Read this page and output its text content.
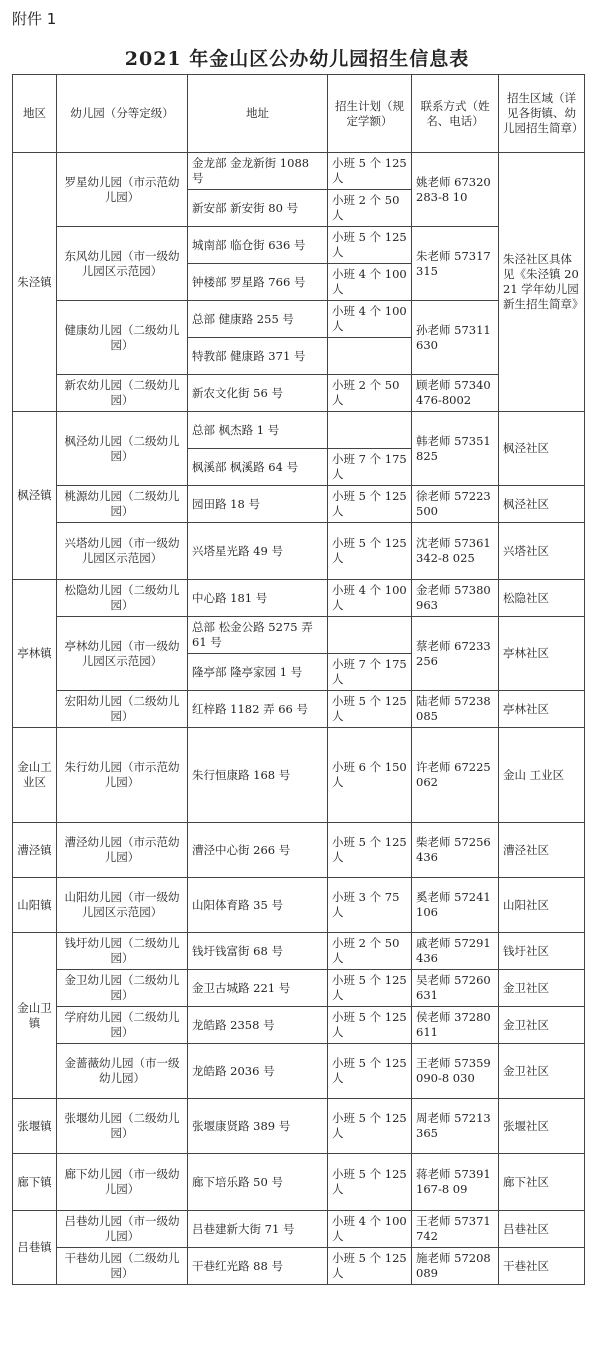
附件 1
2021 年金山区公办幼儿园招生信息表
地区	幼儿园（分等定级）	地址	招生计划（规定学额）	联系方式（姓名、电话）	招生区域（详见各街镇、幼儿园招生简章）
朱泾镇	罗星幼儿园（市示范幼儿园）	金龙部 金龙新街 1088 号	小班 5 个 125 人	姚老师 67320283-8 10	朱泾社区具体见《朱泾镇 2021 学年幼儿园新生招生简章》
		新安部 新安街 80 号	小班 2 个 50 人		
	东风幼儿园（市一级幼儿园区示范园）	城南部 临仓街 636 号	小班 5 个 125 人	朱老师 57317315	
		钟楼部 罗星路 766 号	小班 4 个 100 人		
	健康幼儿园（二级幼儿园）	总部 健康路 255 号	小班 4 个 100 人	孙老师 57311630	
		特教部 健康路 371 号			
	新农幼儿园（二级幼儿园）	新农文化街 56 号	小班 2 个 50 人	顾老师 57340476-8002	
枫泾镇	枫泾幼儿园（二级幼儿园）	总部 枫杰路 1 号		韩老师 57351825	枫泾社区
		枫溪部 枫溪路 64 号	小班 7 个 175 人		
	桃源幼儿园（二级幼儿园）	园田路 18 号	小班 5 个 125 人	徐老师 57223500	枫泾社区
	兴塔幼儿园（市一级幼儿园区示范园）	兴塔星光路 49 号	小班 5 个 125 人	沈老师 57361342-8 025	兴塔社区
亭林镇	松隐幼儿园（二级幼儿园）	中心路 181 号	小班 4 个 100 人	金老师 57380963	松隐社区
	亭林幼儿园（市一级幼儿园区示范园）	总部 松金公路 5275 弄 61 号		蔡老师 67233256	亭林社区
		隆亭部 隆亭家园 1 号	小班 7 个 175 人		
	宏阳幼儿园（二级幼儿园）	红梓路 1182 弄 66 号	小班 5 个 125 人	陆老师 57238085	亭林社区
金山工业区	朱行幼儿园（市示范幼儿园）	朱行恒康路 168 号	小班 6 个 150 人	许老师 67225062	金山 工业区
漕泾镇	漕泾幼儿园（市示范幼儿园）	漕泾中心街 266 号	小班 5 个 125 人	柴老师 57256436	漕泾社区
山阳镇	山阳幼儿园（市一级幼儿园区示范园）	山阳体育路 35 号	小班 3 个 75 人	奚老师 57241106	山阳社区
金山卫镇	钱圩幼儿园（二级幼儿园）	钱圩钱富街 68 号	小班 2 个 50 人	戚老师 57291436	钱圩社区
	金卫幼儿园（二级幼儿园）	金卫古城路 221 号	小班 5 个 125 人	吴老师 57260631	金卫社区
	学府幼儿园（二级幼儿园）	龙皓路 2358 号	小班 5 个 125 人	侯老师 37280611	金卫社区
	金蔷薇幼儿园（市一级幼儿园）	龙皓路 2036 号	小班 5 个 125 人	王老师 57359090-8 030	金卫社区
张堰镇	张堰幼儿园（二级幼儿园）	张堰康贤路 389 号	小班 5 个 125 人	周老师 57213365	张堰社区
廊下镇	廊下幼儿园（市一级幼儿园）	廊下培乐路 50 号	小班 5 个 125 人	蒋老师 57391167-8 09	廊下社区
吕巷镇	吕巷幼儿园（市一级幼儿园）	吕巷建新大街 71 号	小班 4 个 100 人	王老师 57371742	吕巷社区
	干巷幼儿园（二级幼儿园）	干巷红光路 88 号	小班 5 个 125 人	施老师 57208089	干巷社区
